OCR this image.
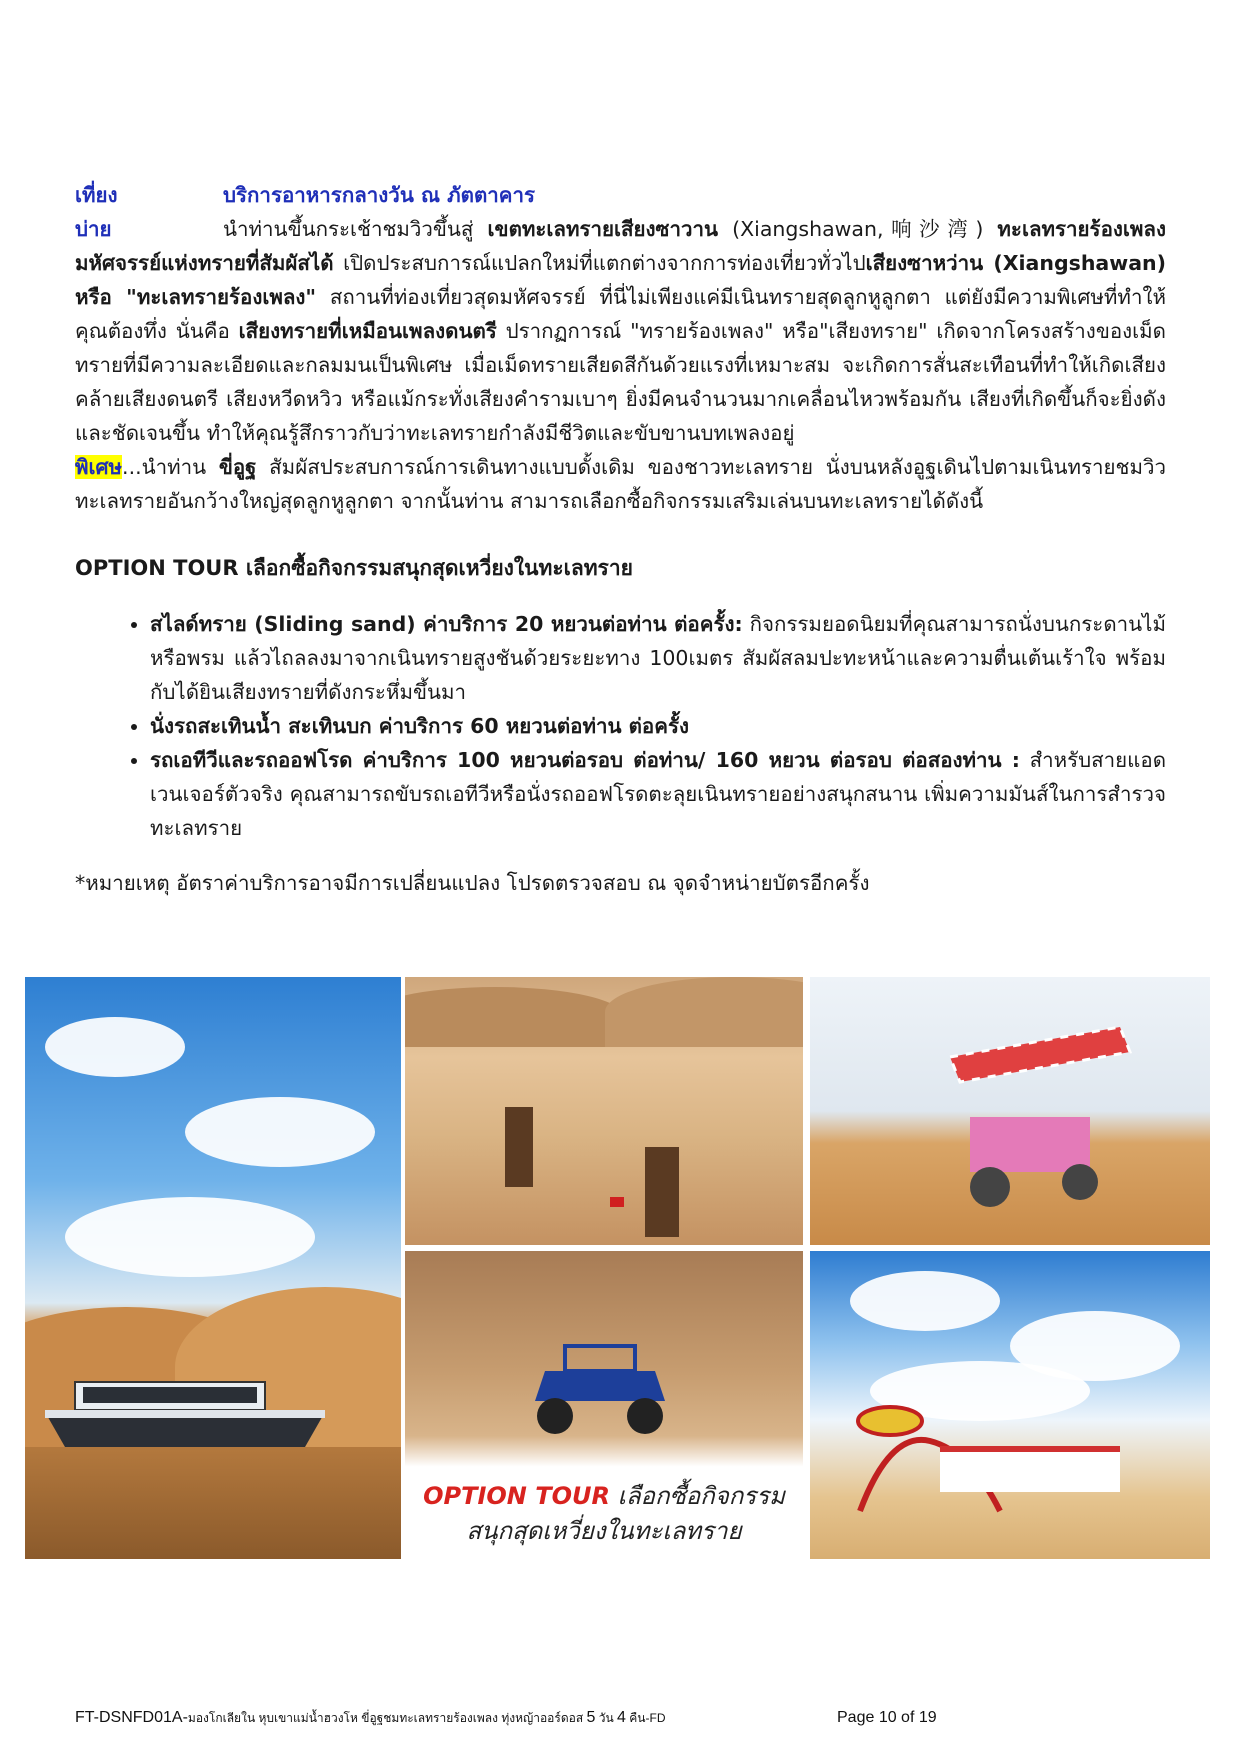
เที่ยง	บริการอาหารกลางวัน ณ ภัตตาคาร

บ่าย	นำท่านขึ้นกระเช้าชมวิวขึ้นสู่ เขตทะเลทรายเสียงซาวาน (Xiangshawan,响沙湾) ทะเลทรายร้องเพลงมหัศจรรย์แห่งทรายที่สัมผัสได้ เปิดประสบการณ์แปลกใหม่ที่แตกต่างจากการท่องเที่ยวทั่วไปเสียงซาหว่าน (Xiangshawan) หรือ "ทะเลทรายร้องเพลง" สถานที่ท่องเที่ยวสุดมหัศจรรย์ ที่นี่ไม่เพียงแค่มีเนินทรายสุดลูกหูลูกตา แต่ยังมีความพิเศษที่ทำให้คุณต้องทึ่ง นั่นคือ เสียงทรายที่เหมือนเพลงดนตรี ปรากฏการณ์ "ทรายร้องเพลง" หรือ"เสียงทราย" เกิดจากโครงสร้างของเม็ดทรายที่มีความละเอียดและกลมมนเป็นพิเศษ เมื่อเม็ดทรายเสียดสีกันด้วยแรงที่เหมาะสม จะเกิดการสั่นสะเทือนที่ทำให้เกิดเสียงคล้ายเสียงดนตรี เสียงหวีดหวิว หรือแม้กระทั่งเสียงคำรามเบาๆ ยิ่งมีคนจำนวนมากเคลื่อนไหวพร้อมกัน เสียงที่เกิดขึ้นก็จะยิ่งดังและชัดเจนขึ้น ทำให้คุณรู้สึกราวกับว่าทะเลทรายกำลังมีชีวิตและขับขานบทเพลงอยู่

พิเศษ...นำท่าน ขี่อูฐ สัมผัสประสบการณ์การเดินทางแบบดั้งเดิม ของชาวทะเลทราย นั่งบนหลังอูฐเดินไปตามเนินทรายชมวิวทะเลทรายอันกว้างใหญ่สุดลูกหูลูกตา จากนั้นท่าน สามารถเลือกซื้อกิจกรรมเสริมเล่นบนทะเลทรายได้ดังนี้

OPTION TOUR เลือกซื้อกิจกรรมสนุกสุดเหวี่ยงในทะเลทราย
• สไลด์ทราย (Sliding sand) ค่าบริการ 20 หยวนต่อท่าน ต่อครั้ง: กิจกรรมยอดนิยมที่คุณสามารถนั่งบนกระดานไม้หรือพรม แล้วไถลลงมาจากเนินทรายสูงชันด้วยระยะทาง 100เมตร สัมผัสลมปะทะหน้าและความตื่นเต้นเร้าใจ พร้อมกับได้ยินเสียงทรายที่ดังกระหึ่มขึ้นมา
• นั่งรถสะเทินน้ำ สะเทินบก ค่าบริการ 60 หยวนต่อท่าน ต่อครั้ง
• รถเอทีวีและรถออฟโรด ค่าบริการ 100 หยวนต่อรอบ ต่อท่าน/ 160 หยวน ต่อรอบ ต่อสองท่าน : สำหรับสายแอดเวนเจอร์ตัวจริง คุณสามารถขับรถเอทีวีหรือนั่งรถออฟโรดตะลุยเนินทรายอย่างสนุกสนาน เพิ่มความมันส์ในการสำรวจทะเลทราย
*หมายเหตุ อัตราค่าบริการอาจมีการเปลี่ยนแปลง โปรดตรวจสอบ ณ จุดจำหน่ายบัตรอีกครั้ง
OPTION TOUR เลือกซื้อกิจกรรม
สนุกสุดเหวี่ยงในทะเลทราย
FT-DSNFD01A-มองโกเลียใน หุบเขาแม่น้ำฮวงโห ขี่อูฐชมทะเลทรายร้องเพลง ทุ่งหญ้าออร์ดอส 5 วัน 4 คืน-FD	Page 10 of 19
